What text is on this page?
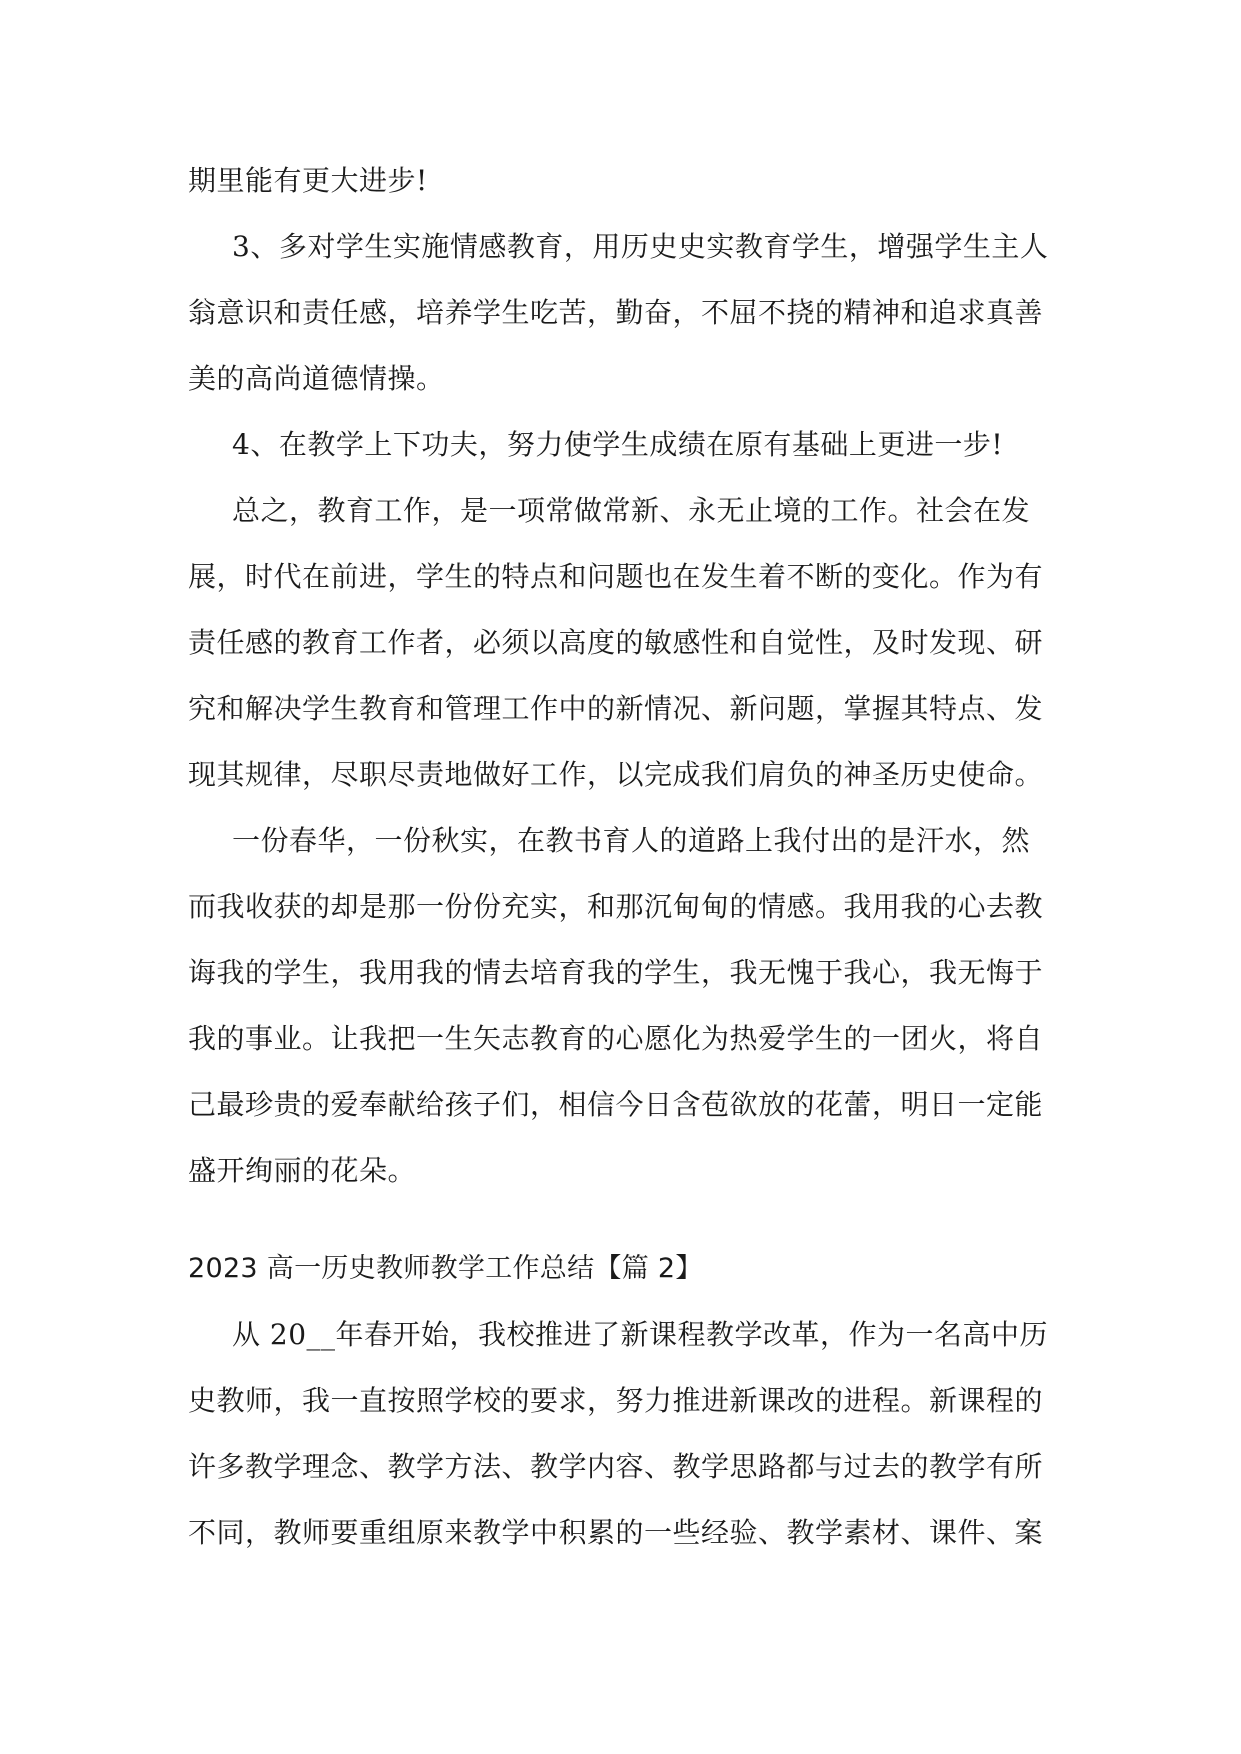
期里能有更大进步!
3、多对学生实施情感教育，用历史史实教育学生，增强学生主人
翁意识和责任感，培养学生吃苦，勤奋，不屈不挠的精神和追求真善
美的高尚道德情操。
4、在教学上下功夫，努力使学生成绩在原有基础上更进一步!
总之，教育工作，是一项常做常新、永无止境的工作。社会在发
展，时代在前进，学生的特点和问题也在发生着不断的变化。作为有
责任感的教育工作者，必须以高度的敏感性和自觉性，及时发现、研
究和解决学生教育和管理工作中的新情况、新问题，掌握其特点、发
现其规律，尽职尽责地做好工作，以完成我们肩负的神圣历史使命。
一份春华，一份秋实，在教书育人的道路上我付出的是汗水，然
而我收获的却是那一份份充实，和那沉甸甸的情感。我用我的心去教
诲我的学生，我用我的情去培育我的学生，我无愧于我心，我无悔于
我的事业。让我把一生矢志教育的心愿化为热爱学生的一团火，将自
己最珍贵的爱奉献给孩子们，相信今日含苞欲放的花蕾，明日一定能
盛开绚丽的花朵。
2023 高一历史教师教学工作总结【篇 2】
从 20__年春开始，我校推进了新课程教学改革，作为一名高中历
史教师，我一直按照学校的要求，努力推进新课改的进程。新课程的
许多教学理念、教学方法、教学内容、教学思路都与过去的教学有所
不同，教师要重组原来教学中积累的一些经验、教学素材、课件、案
